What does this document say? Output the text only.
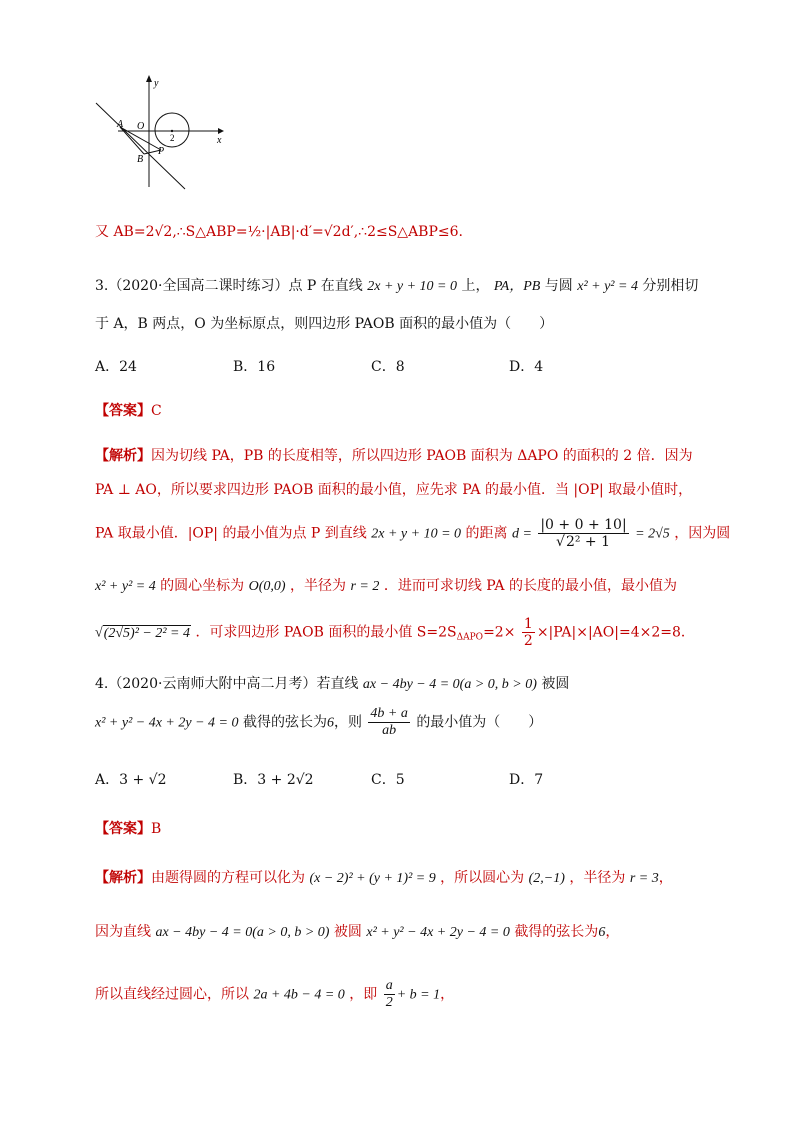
y
x
O
A
B
P
2
又 AB=2√2,∴S△ABP=½·|AB|·d′=√2d′,∴2≤S△ABP≤6.
3.（2020·全国高二课时练习）点 P 在直线 2x + y + 10 = 0 上， PA，PB 与圆 x² + y² = 4 分别相切
于 A，B 两点，O 为坐标原点，则四边形 PAOB 面积的最小值为（　　）
A．24	B．16	C．8	D．4
【答案】C
【解析】因为切线 PA，PB 的长度相等，所以四边形 PAOB 面积为 ΔAPO 的面积的 2 倍．因为
PA ⊥ AO，所以要求四边形 PAOB 面积的最小值，应先求 PA 的最小值．当 |OP| 取最小值时，
PA 取最小值．|OP| 的最小值为点 P 到直线 2x + y + 10 = 0 的距离 $d = \frac{|0 + 0 + 10|}{\text{√2² + 1}} = 2√5$ ，因为圆
x² + y² = 4 的圆心坐标为 O(0,0) ，半径为 r = 2 ．进而可求切线 PA 的长度的最小值，最小值为
√(2√5)² − 2² = 4 ．可求四边形 PAOB 面积的最小值 $S=2S_{\Delta APO}=2\times \frac{1}{2} \times|PA|\times|AO|=4\times 2=8$．
4.（2020·云南师大附中高二月考）若直线 ax − 4by − 4 = 0(a > 0, b > 0) 被圆
x² + y² − 4x + 2y − 4 = 0 截得的弦长为6，则 $\frac{4b + a}{ab}$ 的最小值为（　　）
A．3 + √2	B．3 + 2√2	C．5	D．7
【答案】B
【解析】由题得圆的方程可以化为 (x − 2)² + (y + 1)² = 9 ，所以圆心为 (2,−1) ，半径为 r = 3，
因为直线 ax − 4by − 4 = 0(a > 0, b > 0) 被圆 x² + y² − 4x + 2y − 4 = 0 截得的弦长为6，
所以直线经过圆心，所以 2a + 4b − 4 = 0 ，即 $\frac{a}{2} + b = 1$，
